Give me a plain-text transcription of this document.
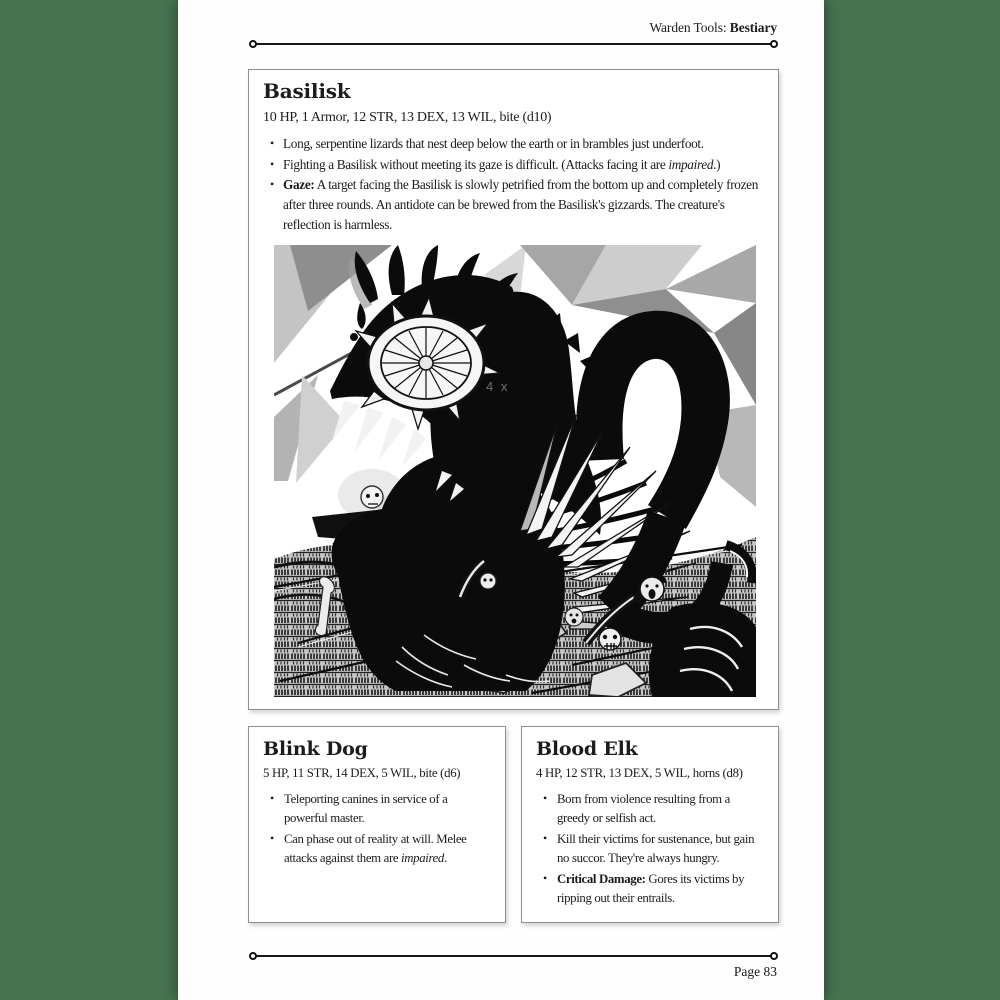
Warden Tools: Bestiary
Basilisk
10 HP, 1 Armor, 12 STR, 13 DEX, 13 WIL, bite (d10)
• Long, serpentine lizards that nest deep below the earth or in brambles just underfoot.
• Fighting a Basilisk without meeting its gaze is difficult. (Attacks facing it are impaired.)
• Gaze: A target facing the Basilisk is slowly petrified from the bottom up and completely frozen after three rounds. An antidote can be brewed from the Basilisk's gizzards. The creature's reflection is harmless.
4 x
Blink Dog
5 HP, 11 STR, 14 DEX, 5 WIL, bite (d6)
• Teleporting canines in service of a powerful master.
• Can phase out of reality at will. Melee attacks against them are impaired.
Blood Elk
4 HP, 12 STR, 13 DEX, 5 WIL, horns (d8)
• Born from violence resulting from a greedy or selfish act.
• Kill their victims for sustenance, but gain no succor. They're always hungry.
• Critical Damage: Gores its victims by ripping out their entrails.
Page 83
